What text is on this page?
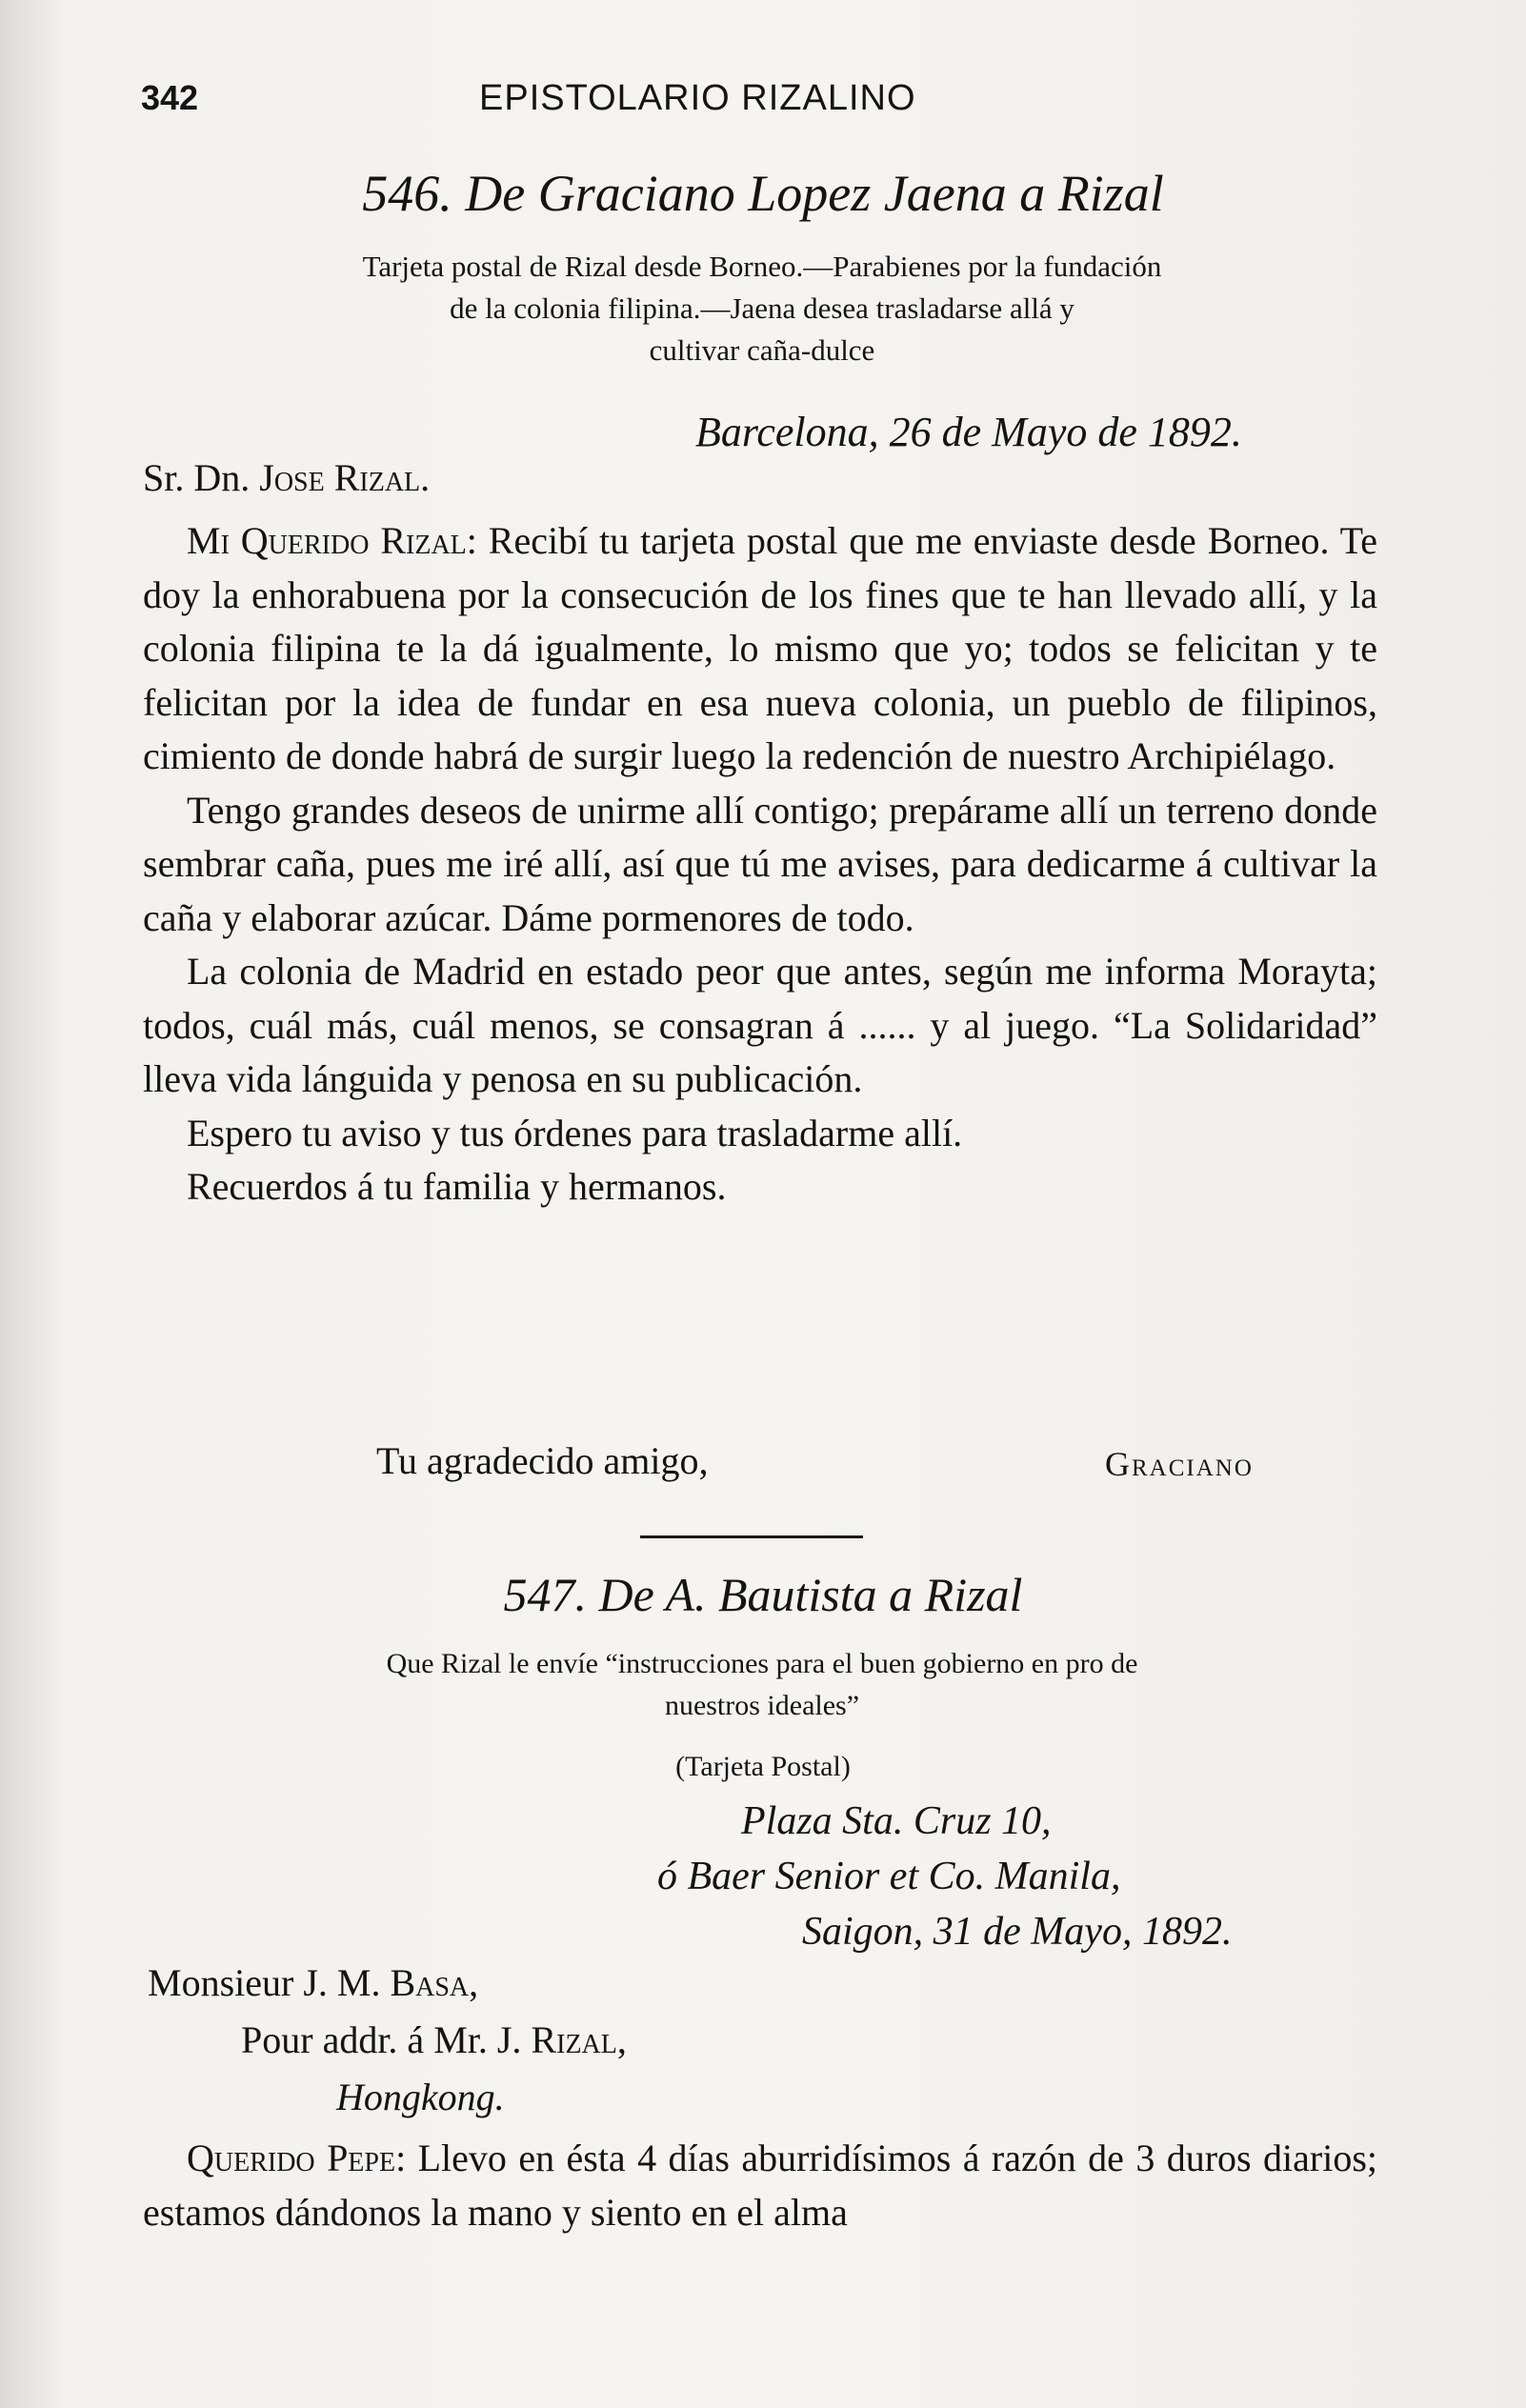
342	EPISTOLARIO RIZALINO
546. De Graciano Lopez Jaena a Rizal
Tarjeta postal de Rizal desde Borneo.—Parabienes por la fundación
de la colonia filipina.—Jaena desea trasladarse allá y
cultivar caña-dulce
Barcelona, 26 de Mayo de 1892.
Sr. Dn. Jose Rizal.

Mi Querido Rizal: Recibí tu tarjeta postal que me enviaste desde Borneo. Te doy la enhorabuena por la consecución de los fines que te han llevado allí, y la colonia filipina te la dá igualmente, lo mismo que yo; todos se felicitan y te felicitan por la idea de fundar en esa nueva colonia, un pueblo de filipinos, cimiento de donde habrá de surgir luego la redención de nuestro Archipiélago.

Tengo grandes deseos de unirme allí contigo; prepárame allí un terreno donde sembrar caña, pues me iré allí, así que tú me avises, para dedicarme á cultivar la caña y elaborar azúcar. Dáme pormenores de todo.

La colonia de Madrid en estado peor que antes, según me informa Morayta; todos, cuál más, cuál menos, se consagran á ...... y al juego. “La Solidaridad” lleva vida lánguida y penosa en su publicación.

Espero tu aviso y tus órdenes para trasladarme allí.

Recuerdos á tu familia y hermanos.

Tu agradecido amigo,	Graciano
547. De A. Bautista a Rizal
Que Rizal le envíe “instrucciones para el buen gobierno en pro de
nuestros ideales”
(Tarjeta Postal)
Plaza Sta. Cruz 10,
ó Baer Senior et Co. Manila,
Saigon, 31 de Mayo, 1892.
Monsieur J. M. Basa,
Pour addr. á Mr. J. Rizal,
Hongkong.

Querido Pepe: Llevo en ésta 4 días aburridísimos á razón de 3 duros diarios; estamos dándonos la mano y siento en el alma
